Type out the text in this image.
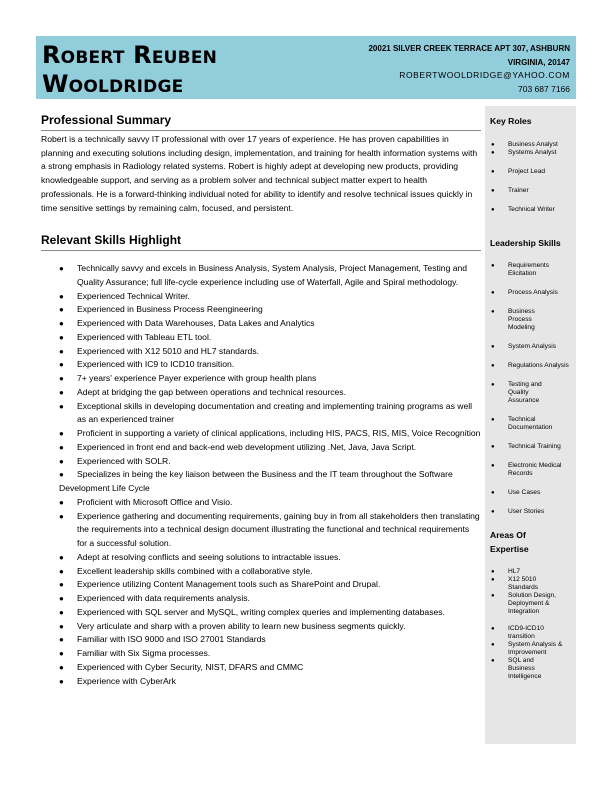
Robert Reuben
Wooldridge
20021 SILVER CREEK TERRACE APT 307, ASHBURN
VIRGINIA, 20147
ROBERTWOOLDRIDGE@YAHOO.COM
703 687 7166
Professional Summary

Robert is a technically savvy IT professional with over 17 years of experience. He has proven capabilities in planning and executing solutions including design, implementation, and training for health information systems with a strong emphasis in Radiology related systems. Robert is highly adept at developing new products, providing knowledgeable support, and serving as a problem solver and technical subject matter expert to health professionals. He is a forward-thinking individual noted for ability to identify and resolve technical issues quickly in time sensitive settings by remaining calm, focused, and persistent.

Relevant Skills Highlight
● Technically savvy and excels in Business Analysis, System Analysis, Project Management, Testing and Quality Assurance; full life-cycle experience including use of Waterfall, Agile and Spiral methodology.
● Experienced Technical Writer.
● Experienced in Business Process Reengineering
● Experienced with Data Warehouses, Data Lakes and Analytics
● Experienced with Tableau ETL tool.
● Experienced with X12 5010 and HL7 standards.
● Experienced with IC9 to ICD10 transition.
● 7+ years' experience Payer experience with group health plans
● Adept at bridging the gap between operations and technical resources.
● Exceptional skills in developing documentation and creating and implementing training programs as well as an experienced trainer
● Proficient in supporting a variety of clinical applications, including HIS, PACS, RIS, MIS, Voice Recognition
● Experienced in front end and back-end web development utilizing .Net, Java, Java Script.
● Experienced with SOLR.
● Specializes in being the key liaison between the Business and the IT team throughout the Software Development Life Cycle
● Proficient with Microsoft Office and Visio.
● Experience gathering and documenting requirements, gaining buy in from all stakeholders then translating the requirements into a technical design document illustrating the functional and technical requirements for a successful solution.
● Adept at resolving conflicts and seeing solutions to intractable issues.
● Excellent leadership skills combined with a collaborative style.
● Experience utilizing Content Management tools such as SharePoint and Drupal.
● Experienced with data requirements analysis.
● Experienced with SQL server and MySQL, writing complex queries and implementing databases.
● Very articulate and sharp with a proven ability to learn new business segments quickly.
● Familiar with ISO 9000 and ISO 27001 Standards
● Familiar with Six Sigma processes.
● Experienced with Cyber Security, NIST, DFARS and CMMC
● Experience with CyberArk
Key Roles
● Business Analyst
● Systems Analyst
● Project Lead
● Trainer
● Technical Writer
Leadership Skills
● Requirements Elicitation
● Process Analysis
● Business Process Modeling
● System Analysis
● Regulations Analysis
● Testing and Quality Assurance
● Technical Documentation
● Technical Training
● Electronic Medical Records
● Use Cases
● User Stories
Areas Of Expertise
● HL7
● X12 5010 Standards
● Solution Design, Deployment & Integration
● ICD9-ICD10 transition
● System Analysis & Improvement
● SQL and Business Intelligence
